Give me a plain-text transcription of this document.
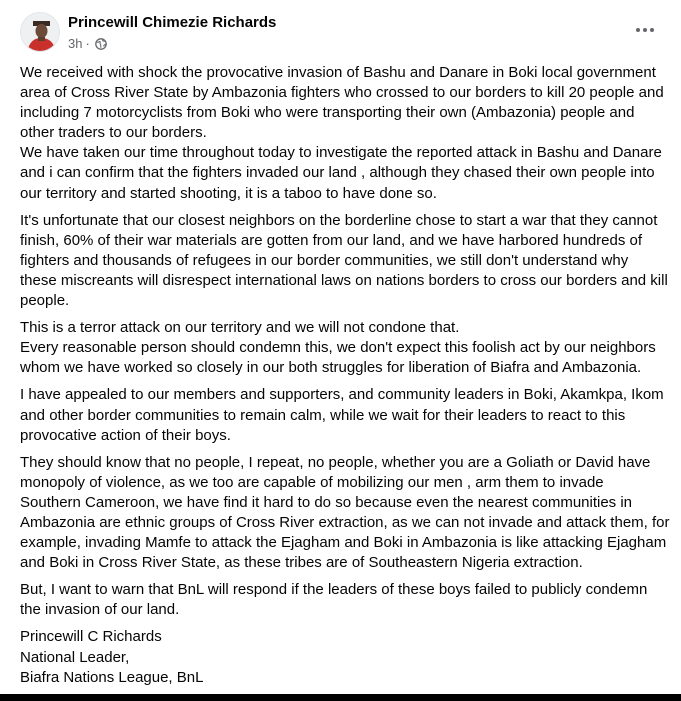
Princewill Chimezie Richards
3h ·

We received with shock the provocative invasion of Bashu and Danare in Boki local government
area of Cross River State by Ambazonia fighters who crossed to our borders to kill 20 people and
including 7 motorcyclists from Boki who were transporting their own (Ambazonia) people and
other traders to our borders.
We have taken our time throughout today to investigate the reported attack in Bashu and Danare
and i can confirm that the fighters invaded our land , although they chased their own people into
our territory and started shooting, it is a taboo to have done so.

It's unfortunate that our closest neighbors on the borderline chose to start a war that they cannot
finish, 60% of their war materials are gotten from our land, and we have harbored hundreds of
fighters and thousands of refugees in our border communities, we still don't understand why
these miscreants will disrespect international laws on nations borders to cross our borders and kill
people.

This is a terror attack on our territory and we will not condone that.
Every reasonable person should condemn this, we don't expect this foolish act by our neighbors
whom we have worked so closely in our both struggles for liberation of Biafra and Ambazonia.

I have appealed to our members and supporters, and community leaders in Boki, Akamkpa, Ikom
and other border communities to remain calm, while we wait for their leaders to react to this
provocative action of their boys.

They should know that no people, I repeat, no people, whether you are a Goliath or David have
monopoly of violence, as we too are capable of mobilizing our men , arm them to invade
Southern Cameroon, we have find it hard to do so because even the nearest communities in
Ambazonia are ethnic groups of Cross River extraction, as we can not invade and attack them, for
example, invading Mamfe to attack the Ejagham and Boki in Ambazonia is like attacking Ejagham
and Boki in Cross River State, as these tribes are of Southeastern Nigeria extraction.

But, I want to warn that BnL will respond if the leaders of these boys failed to publicly condemn
the invasion of our land.

Princewill C Richards
National Leader,
Biafra Nations League, BnL
